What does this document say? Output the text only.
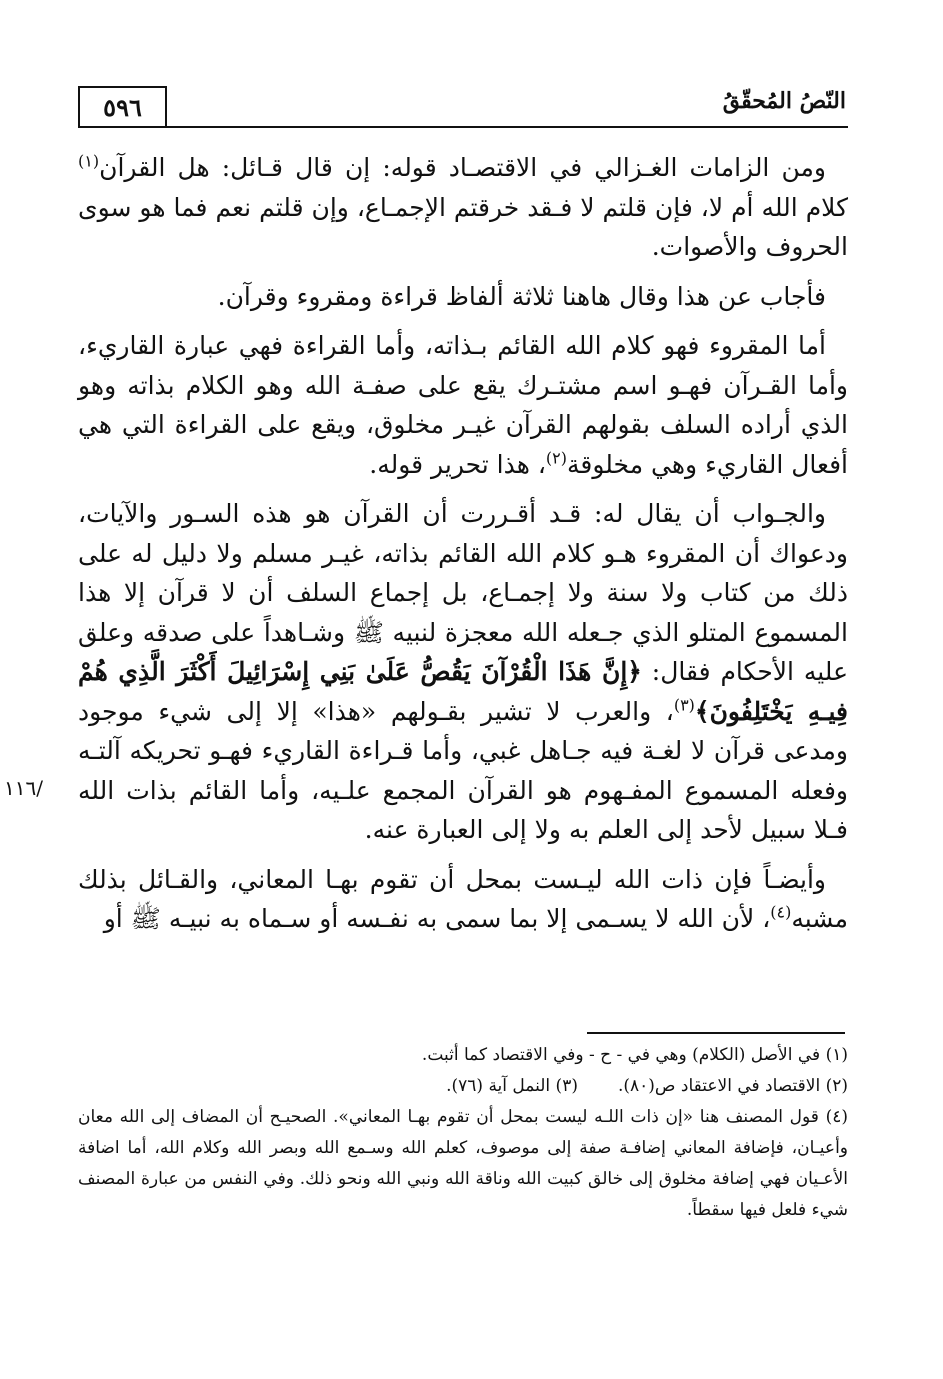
٥٩٦	النّصُ المُحقّقُ

ومن الزامات الغـزالي في الاقتصـاد قوله: إن قال قـائل: هل القرآن$^{(١)}$ كلام الله أم لا، فإن قلتم لا فـقد خرقتم الإجمـاع، وإن قلتم نعم فما هو سوى الحروف والأصوات.

فأجاب عن هذا وقال هاهنا ثلاثة ألفاظ قراءة ومقروء وقرآن.

أما المقروء فهو كلام الله القائم بـذاته، وأما القراءة فهي عبارة القاريء، وأما القـرآن فهـو اسم مشتـرك يقع على صفـة الله وهو الكلام بذاته وهو الذي أراده السلف بقولهم القرآن غيـر مخلوق، ويقع على القراءة التي هي أفعال القاريء وهي مخلوقة$^{(٢)}$، هذا تحرير قوله.

والجـواب أن يقال له: قـد أقـررت أن القرآن هو هذه السـور والآيات، ودعواك أن المقروء هـو كلام الله القائم بذاته، غيـر مسلم ولا دليل له على ذلك من كتاب ولا سنة ولا إجمـاع، بل إجماع السلف أن لا قرآن إلا هذا المسموع المتلو الذي جـعله الله معجزة لنبيه ﷺ وشـاهداً على صدقه وعلق عليه الأحكام فقال: ﴿إِنَّ هَذَا الْقُرْآنَ يَقُصُّ عَلَىٰ بَنِي إِسْرَائِيلَ أَكْثَرَ الَّذِي هُمْ فِيـهِ يَخْتَلِفُونَ﴾$^{(٣)}$، والعرب لا تشير بقـولهم «هذا» إلا إلى شيء موجود ومدعى قرآن لا لغـة فيه جـاهل غبي، وأما قـراءة القاريء فهـو تحريكه آلتـه وفعله المسموع المفـهوم هو القرآن المجمع علـيه، وأما القائم بذات الله فـلا سبيل لأحد إلى العلم به ولا إلى العبارة عنه.

وأيضـاً فإن ذات الله ليـست بمحل أن تقوم بهـا المعاني، والقـائل بذلك مشبه$^{(٤)}$، لأن الله لا يسـمى إلا بما سمى به نفـسه أو سـماه به نبيـه ﷺ أو

/١١٦

(١) في الأصل (الكلام) وهي في - ح - وفي الاقتصاد كما أثبت.

(٢) الاقتصاد في الاعتقاد ص(٨٠).

(٣) النمل آية (٧٦).

(٤) قول المصنف هنا «إن ذات اللـه ليست بمحل أن تقوم بهـا المعاني». الصحيـح أن المضاف إلى الله معان وأعيـان، فإضافة المعاني إضافـة صفة إلى موصوف، كعلم الله وسـمع الله وبصر الله وكلام الله، أما اضافة الأعـيان فهي إضافة مخلوق إلى خالق كبيت الله وناقة الله ونبي الله ونحو ذلك. وفي النفس من عبارة المصنف شيء فلعل فيها سقطاً.
